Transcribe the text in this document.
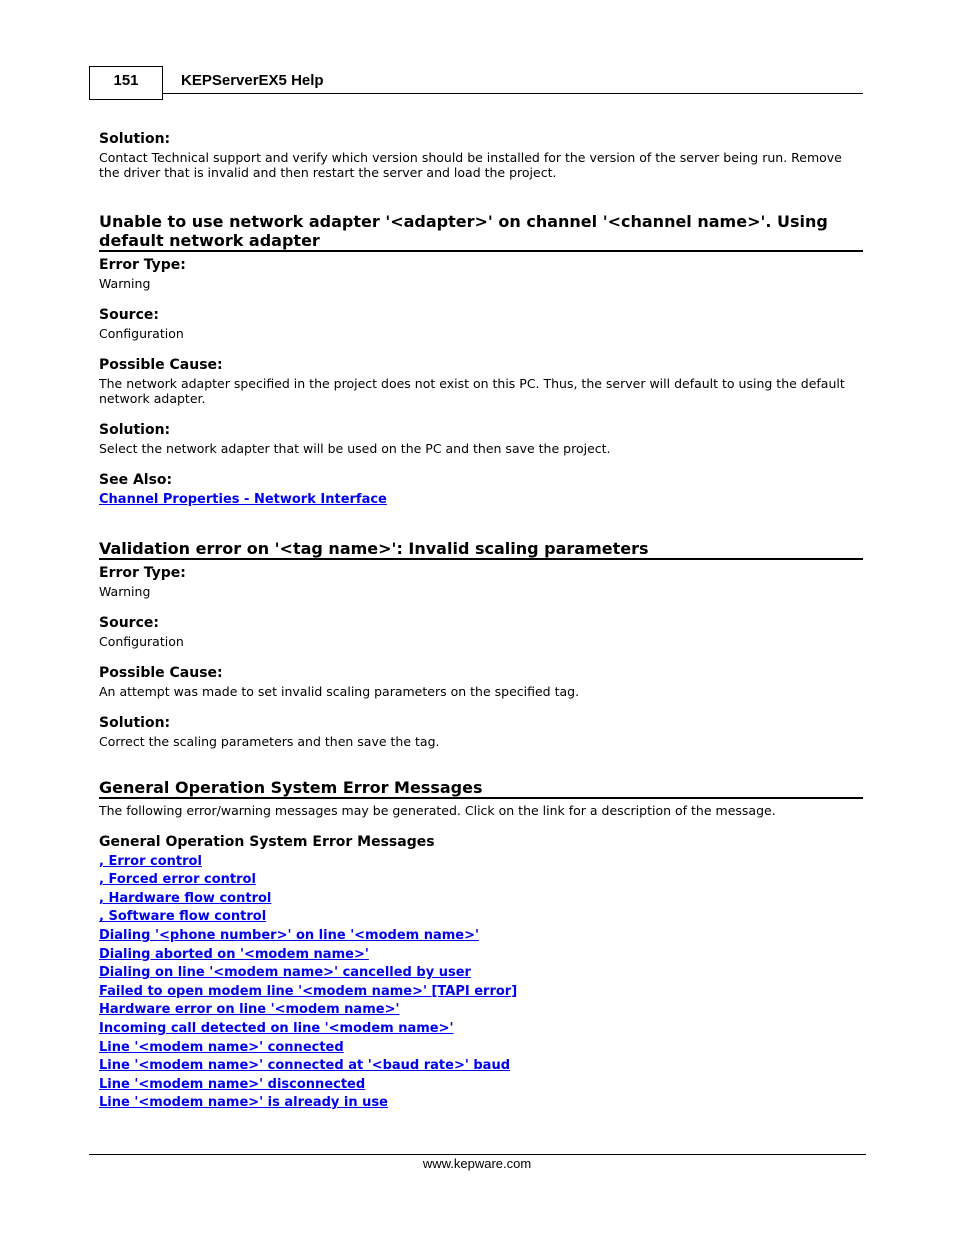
151	KEPServerEX5 Help

Solution:

Contact Technical support and verify which version should be installed for the version of the server being run. Remove the driver that is invalid and then restart the server and load the project.

Unable to use network adapter '<adapter>' on channel '<channel name>'. Using default network adapter

Error Type:

Warning

Source:

Configuration

Possible Cause:

The network adapter specified in the project does not exist on this PC. Thus, the server will default to using the default network adapter.

Solution:

Select the network adapter that will be used on the PC and then save the project.

See Also:

Channel Properties - Network Interface
Validation error on '<tag name>': Invalid scaling parameters

Error Type:

Warning

Source:

Configuration

Possible Cause:

An attempt was made to set invalid scaling parameters on the specified tag.

Solution:

Correct the scaling parameters and then save the tag.

General Operation System Error Messages

The following error/warning messages may be generated. Click on the link for a description of the message.

General Operation System Error Messages

, Error control
, Forced error control
, Hardware flow control
, Software flow control
Dialing '<phone number>' on line '<modem name>'
Dialing aborted on '<modem name>'
Dialing on line '<modem name>' cancelled by user
Failed to open modem line '<modem name>' [TAPI error]
Hardware error on line '<modem name>'
Incoming call detected on line '<modem name>'
Line '<modem name>' connected
Line '<modem name>' connected at '<baud rate>' baud
Line '<modem name>' disconnected
Line '<modem name>' is already in use
www.kepware.com
